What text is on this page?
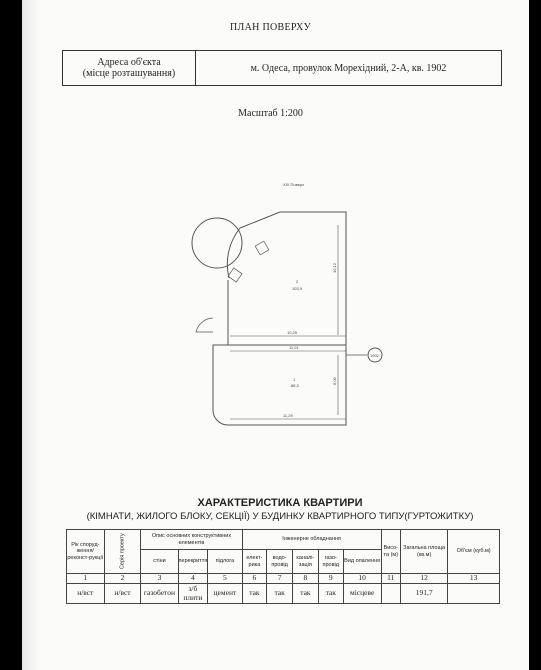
ПЛАН ПОВЕРХУ
Адреса об'єкта
(місце розташування)	м. Одеса, провулок Морехідний, 2-А, кв. 1902
Масштаб 1:200
XIX Поверх
2
103,9
1
86,3
10,29
11,01
11,29
10,12
6,09
1902
ХАРАКТЕРИСТИКА КВАРТИРИ
(КІМНАТИ, ЖИЛОГО БЛОКУ, СЕКЦІЇ) У БУДИНКУ КВАРТИРНОГО ТИПУ(ГУРТОЖИТКУ)
Рік споруд-ження/ реконст-рукції	Серія проекту	Опис основних конструктивних елементів			Інженерне обладнання					Висо-та (м)	Загальна площа (кв.м)	Об'єм (куб.м)
		стіни	перекриття	підлога	елект-рика	водо-провід	каналі-зація	газо-провід	Вид опалення			
1	2	3	4	5	6	7	8	9	10	11	12	13
н/вст	н/вст	газобетон	з/б
плити	цемент	так	так	так	так	місцеве		191,7	
